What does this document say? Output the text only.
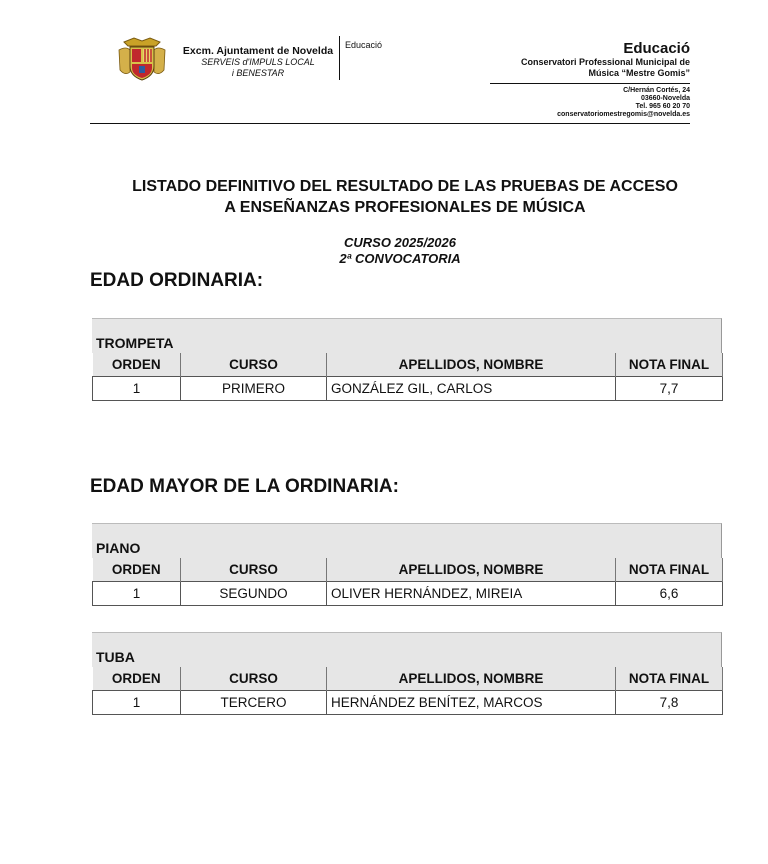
Excm. Ajuntament de Novelda
SERVEIS d'IMPULS LOCAL
i BENESTAR
Educació	Educació
Conservatori Professional Municipal de
Música “Mestre Gomis”
C/Hernán Cortés, 24
03660-Novelda
Tel. 965 60 20 70
conservatoriomestregomis@novelda.es
LISTADO DEFINITIVO DEL RESULTADO DE LAS PRUEBAS DE ACCESO
A ENSEÑANZAS PROFESIONALES DE MÚSICA
CURSO 2025/2026
2ª CONVOCATORIA
EDAD ORDINARIA:
TROMPETA
ORDEN	CURSO	APELLIDOS, NOMBRE	NOTA FINAL
1	PRIMERO	GONZÁLEZ GIL, CARLOS	7,7
EDAD MAYOR DE LA ORDINARIA:
PIANO
ORDEN	CURSO	APELLIDOS, NOMBRE	NOTA FINAL
1	SEGUNDO	OLIVER HERNÁNDEZ, MIREIA	6,6
TUBA
ORDEN	CURSO	APELLIDOS, NOMBRE	NOTA FINAL
1	TERCERO	HERNÁNDEZ BENÍTEZ, MARCOS	7,8
